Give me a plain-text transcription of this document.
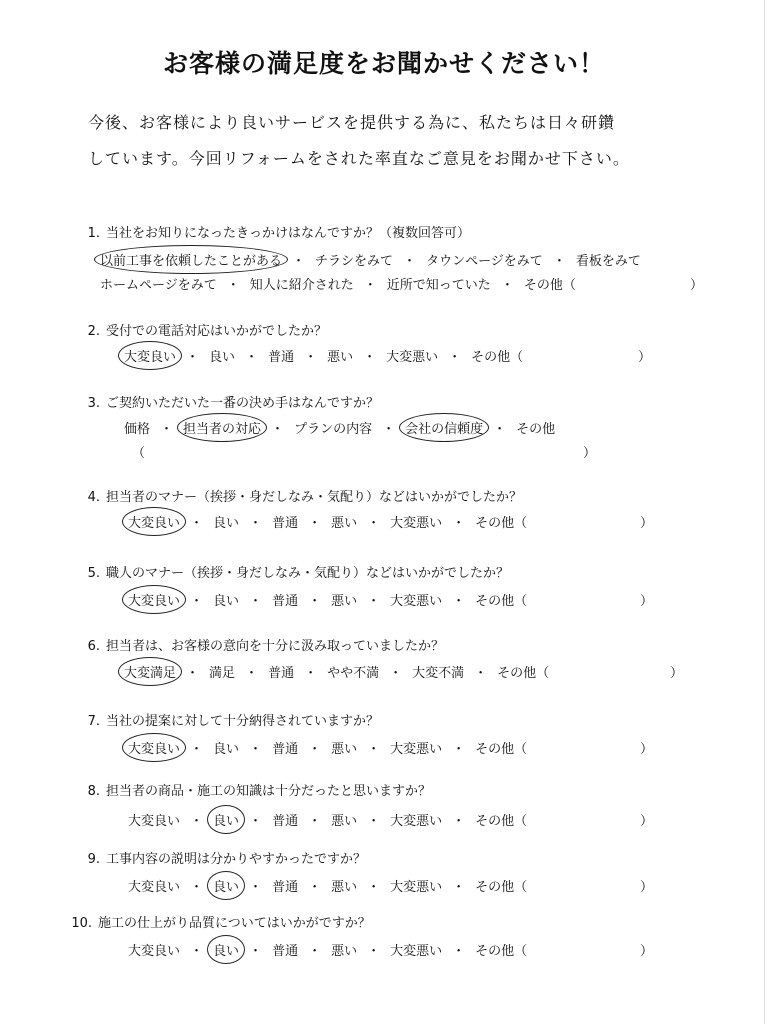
お客様の満足度をお聞かせください！
今後、お客様により良いサービスを提供する為に、私たちは日々研鑽
しています。今回リフォームをされた率直なご意見をお聞かせ下さい。
1. 当社をお知りになったきっかけはなんですか？（複数回答可）
以前工事を依頼したことがある ・ チラシをみて ・ タウンページをみて ・ 看板をみて
ホームページをみて ・ 知人に紹介された ・ 近所で知っていた ・ その他（	）
2. 受付での電話対応はいかがでしたか？
大変良い ・ 良い ・ 普通 ・ 悪い ・ 大変悪い ・ その他（	）
3. ご契約いただいた一番の決め手はなんですか？
価格 ・ 担当者の対応 ・ プランの内容 ・ 会社の信頼度 ・ その他
（	）
4. 担当者のマナー（挨拶・身だしなみ・気配り）などはいかがでしたか？
大変良い ・ 良い ・ 普通 ・ 悪い ・ 大変悪い ・ その他（	）
5. 職人のマナー（挨拶・身だしなみ・気配り）などはいかがでしたか？
大変良い ・ 良い ・ 普通 ・ 悪い ・ 大変悪い ・ その他（	）
6. 担当者は、お客様の意向を十分に汲み取っていましたか？
大変満足 ・ 満足 ・ 普通 ・ やや不満 ・ 大変不満 ・ その他（	）
7. 当社の提案に対して十分納得されていますか？
大変良い ・ 良い ・ 普通 ・ 悪い ・ 大変悪い ・ その他（	）
8. 担当者の商品・施工の知識は十分だったと思いますか？
大変良い ・ 良い ・ 普通 ・ 悪い ・ 大変悪い ・ その他（	）
9. 工事内容の説明は分かりやすかったですか？
大変良い ・ 良い ・ 普通 ・ 悪い ・ 大変悪い ・ その他（	）
10. 施工の仕上がり品質についてはいかがですか？
大変良い ・ 良い ・ 普通 ・ 悪い ・ 大変悪い ・ その他（	）
